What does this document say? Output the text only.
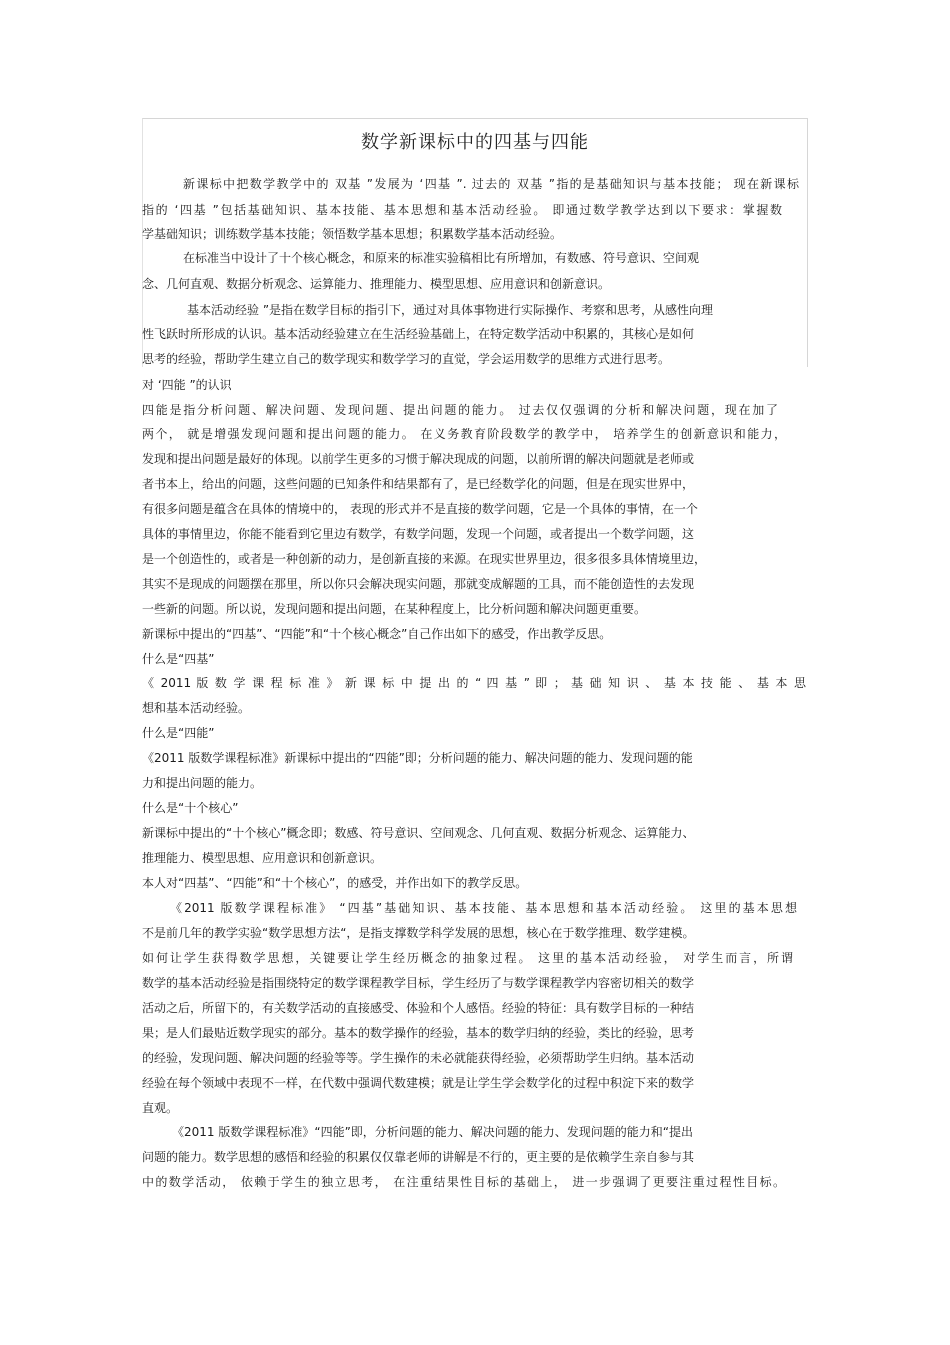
数学新课标中的四基与四能
新课标中把数学教学中的 双基 ”发展为 ‘四基 ”. 过去的 双基 ”指的是基础知识与基本技能； 现在新课标
指的 ‘四基 ”包括基础知识、基本技能、基本思想和基本活动经验。 即通过数学教学达到以下要求：掌握数
学基础知识；训练数学基本技能；领悟数学基本思想；积累数学基本活动经验。
在标准当中设计了十个核心概念，和原来的标准实验稿相比有所增加，有数感、符号意识、空间观
念、几何直观、数据分析观念、运算能力、推理能力、模型思想、应用意识和创新意识。
基本活动经验 ”是指在数学目标的指引下，通过对具体事物进行实际操作、考察和思考，从感性向理
性飞跃时所形成的认识。基本活动经验建立在生活经验基础上，在特定数学活动中积累的，其核心是如何
思考的经验，帮助学生建立自己的数学现实和数学学习的直觉，学会运用数学的思维方式进行思考。
对 ‘四能 ”的认识
四能是指分析问题、解决问题、发现问题、提出问题的能力。 过去仅仅强调的分析和解决问题，现在加了
两个， 就是增强发现问题和提出问题的能力。 在义务教育阶段数学的教学中， 培养学生的创新意识和能力，
发现和提出问题是最好的体现。以前学生更多的习惯于解决现成的问题，以前所谓的解决问题就是老师或
者书本上，给出的问题，这些问题的已知条件和结果都有了，是已经数学化的问题，但是在现实世界中，
有很多问题是蕴含在具体的情境中的， 表现的形式并不是直接的数学问题，它是一个具体的事情，在一个
具体的事情里边，你能不能看到它里边有数学，有数学问题，发现一个问题，或者提出一个数学问题，这
是一个创造性的，或者是一种创新的动力，是创新直接的来源。在现实世界里边，很多很多具体情境里边，
其实不是现成的问题摆在那里，所以你只会解决现实问题，那就变成解题的工具，而不能创造性的去发现
一些新的问题。所以说，发现问题和提出问题，在某种程度上，比分析问题和解决问题更重要。
新课标中提出的“四基”、“四能”和“十个核心概念”自己作出如下的感受，作出教学反思。
什么是“四基”
《 2011 版 数 学 课 程 标 准 》 新 课 标 中 提 出 的 “ 四 基 ” 即 ； 基 础 知 识 、 基 本 技 能 、 基 本 思
想和基本活动经验。
什么是“四能”
《2011 版数学课程标准》新课标中提出的“四能”即；分析问题的能力、解决问题的能力、发现问题的能
力和提出问题的能力。
什么是“十个核心”
新课标中提出的“十个核心”概念即；数感、符号意识、空间观念、几何直观、数据分析观念、运算能力、
推理能力、模型思想、应用意识和创新意识。
本人对“四基”、“四能”和“十个核心”，的感受，并作出如下的教学反思。
《2011 版数学课程标准》 “四基”基础知识、基本技能、基本思想和基本活动经验。 这里的基本思想
不是前几年的教学实验“数学思想方法“，是指支撑数学科学发展的思想，核心在于数学推理、数学建模。
如何让学生获得数学思想，关键要让学生经历概念的抽象过程。 这里的基本活动经验， 对学生而言，所谓
数学的基本活动经验是指围绕特定的数学课程教学目标，学生经历了与数学课程教学内容密切相关的数学
活动之后，所留下的，有关数学活动的直接感受、体验和个人感悟。经验的特征：具有数学目标的一种结
果；是人们最贴近数学现实的部分。基本的数学操作的经验，基本的数学归纳的经验，类比的经验，思考
的经验，发现问题、解决问题的经验等等。学生操作的未必就能获得经验，必须帮助学生归纳。基本活动
经验在每个领域中表现不一样，在代数中强调代数建模；就是让学生学会数学化的过程中积淀下来的数学
直观。
《2011 版数学课程标准》“四能”即，分析问题的能力、解决问题的能力、发现问题的能力和“提出
问题的能力。数学思想的感悟和经验的积累仅仅靠老师的讲解是不行的，更主要的是依赖学生亲自参与其
中的数学活动， 依赖于学生的独立思考， 在注重结果性目标的基础上， 进一步强调了更要注重过程性目标。
